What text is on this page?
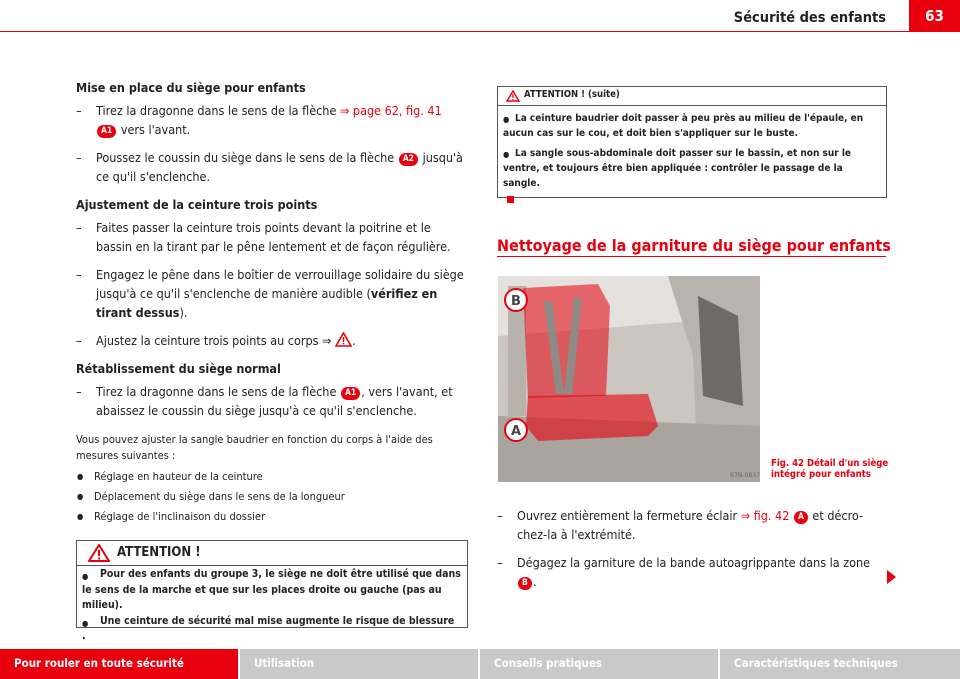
Sécurité des enfants	63

Mise en place du siège pour enfants

– Tirez la dragonne dans le sens de la flèche ⇒ page 62, fig. 41
A1 vers l'avant.

– Poussez le coussin du siège dans le sens de la flèche A2 jusqu'à ce qu'il s'enclenche.

Ajustement de la ceinture trois points

– Faites passer la ceinture trois points devant la poitrine et le bassin en la tirant par le pêne lentement et de façon régulière.

– Engagez le pêne dans le boîtier de verrouillage solidaire du siège jusqu'à ce qu'il s'enclenche de manière audible (vérifiez en tirant dessus).

– Ajustez la ceinture trois points au corps ⇒ .

Rétablissement du siège normal

– Tirez la dragonne dans le sens de la flèche A1 , vers l'avant, et abaissez le coussin du siège jusqu'à ce qu'il s'enclenche.

Vous pouvez ajuster la sangle baudrier en fonction du corps à l'aide des mesures suivantes :

● Réglage en hauteur de la ceinture
● Déplacement du siège dans le sens de la longueur
● Réglage de l'inclinaison du dossier
ATTENTION !
●

Pour des enfants du groupe 3, le siège ne doit être utilisé que dans le sens de la marche et que sur les places droite ou gauche (pas au milieu).

●

Une ceinture de sécurité mal mise augmente le risque de blessure .

ATTENTION ! (suite)
●

La ceinture baudrier doit passer à peu près au milieu de l'épaule, en aucun cas sur le cou, et doit bien s'appliquer sur le buste.

●

La sangle sous-abdominale doit passer sur le bassin, et non sur le ventre, et toujours être bien appliquée : contrôler le passage de la sangle.

Nettoyage de la garniture du siège pour enfants
B
A
B7N-0837
Fig. 42 Détail d'un siège intégré pour enfants

– Ouvrez entièrement la fermeture éclair ⇒ fig. 42 A et décro-chez-la à l'extrémité.

– Dégagez la garniture de la bande autoagrippante dans la zone
B .

Pour rouler en toute sécurité	Utilisation	Conseils pratiques	Caractéristiques techniques
